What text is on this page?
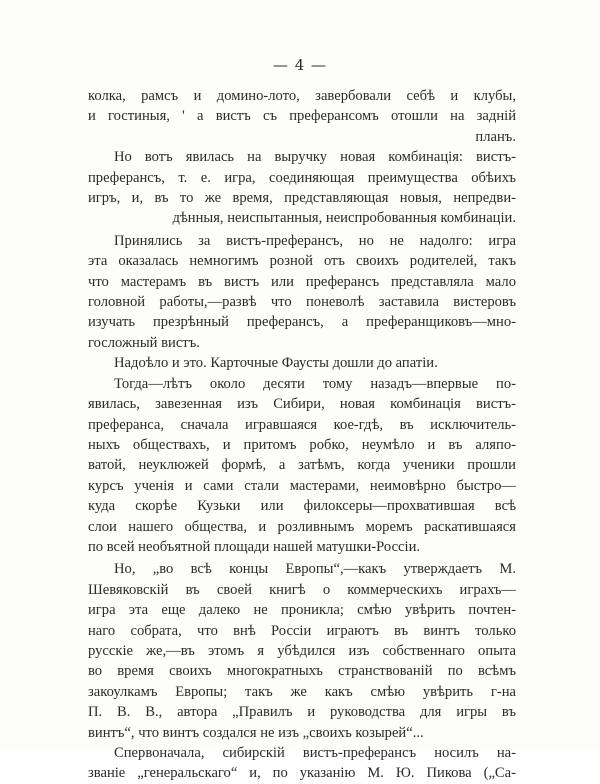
— 4 —
колка, рамсъ и домино-лото, завербовали себѣ и клубы,
и гостиныя, ' а вистъ съ преферансомъ отошли на задній
планъ.
Но вотъ явилась на выручку новая комбинація: вистъ-
преферансъ, т. е. игра, соединяющая преимущества обѣихъ
игръ, и, въ то же время, представляющая новыя, непредви-
дѣнныя, неиспытанныя, неиспробованныя комбинаціи.
Принялись за вистъ-преферансъ, но не надолго: игра
эта оказалась немногимъ розной отъ своихъ родителей, такъ
что мастерамъ въ вистъ или преферансъ представляла мало
головной работы,—развѣ что поневолѣ заставила вистеровъ
изучать презрѣнный преферансъ, а преферанщиковъ—мно-
госложный вистъ.
Надоѣло и это. Карточные Фаусты дошли до апатіи.
Тогда—лѣтъ около десяти тому назадъ—впервые по-
явилась, завезенная изъ Сибири, новая комбинація вистъ-
преферанса, сначала игравшаяся кое-гдѣ, въ исключитель-
ныхъ обществахъ, и притомъ робко, неумѣло и въ аляпо-
ватой, неуклюжей формѣ, а затѣмъ, когда ученики прошли
курсъ ученія и сами стали мастерами, неимовѣрно быстро—
куда скорѣе Кузьки или филоксеры—прохватившая всѣ
слои нашего общества, и розливнымъ моремъ раскатившаяся
по всей необъятной площади нашей матушки-Россіи.
Но, „во всѣ концы Европы“,—какъ утверждаетъ М.
Шевяковскій въ своей книгѣ о коммерческихъ играхъ—
игра эта еще далеко не проникла; смѣю увѣрить почтен-
наго собрата, что внѣ Россіи играютъ въ винтъ только
русскіе же,—въ этомъ я убѣдился изъ собственнаго опыта
во время своихъ многократныхъ странствованій по всѣмъ
закоулкамъ Европы; такъ же какъ смѣю увѣрить г-на
П. В. В., автора „Правилъ и руководства для игры въ
винтъ“, что винтъ создался не изъ „своихъ козырей“...
Спервоначала, сибирскій вистъ-преферансъ носилъ на-
званіе „генеральскаго“ и, по указанію М. Ю. Пикова („Са-
